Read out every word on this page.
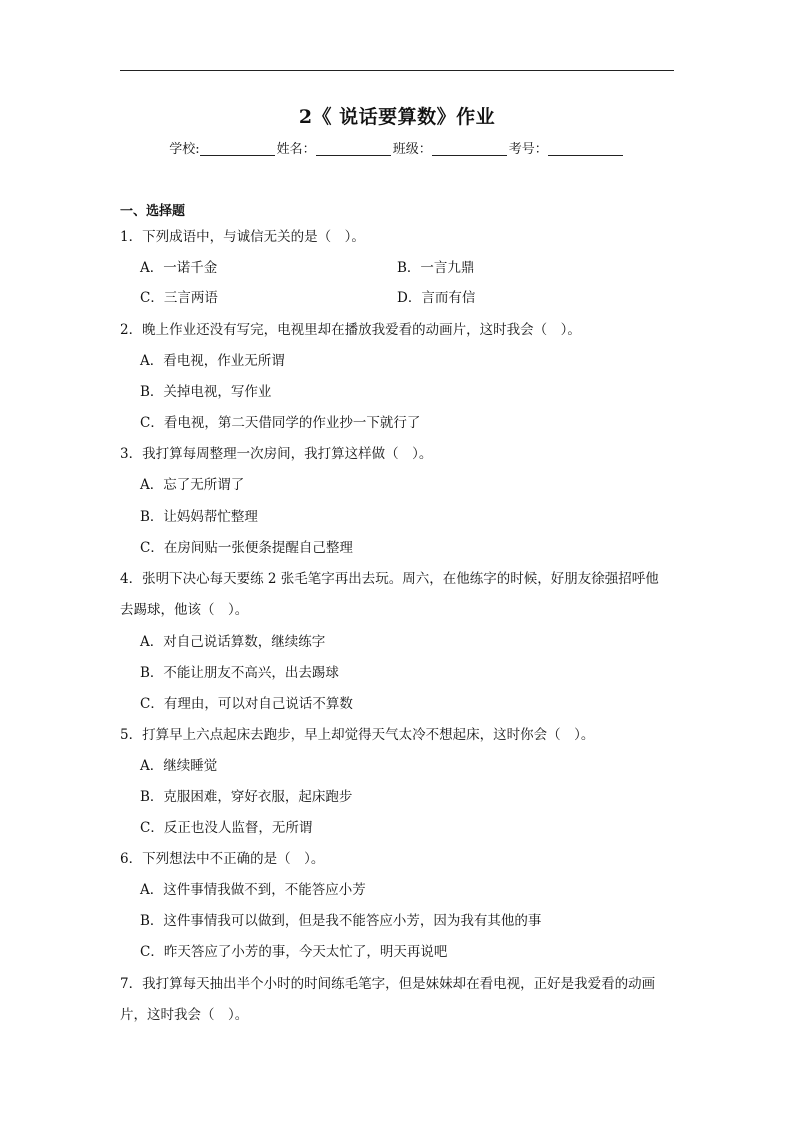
2《 说话要算数》作业
学校:	姓名：	班级：	考号：
一、选择题
1．下列成语中，与诚信无关的是（　）。
A．一诺千金	B．一言九鼎
C．三言两语	D．言而有信
2．晚上作业还没有写完，电视里却在播放我爱看的动画片，这时我会（　）。
A．看电视，作业无所谓
B．关掉电视，写作业
C．看电视，第二天借同学的作业抄一下就行了
3．我打算每周整理一次房间，我打算这样做（　）。
A．忘了无所谓了
B．让妈妈帮忙整理
C．在房间贴一张便条提醒自己整理
4．张明下决心每天要练 2 张毛笔字再出去玩。周六，在他练字的时候，好朋友徐强招呼他
去踢球，他该（　）。
A．对自己说话算数，继续练字
B．不能让朋友不高兴，出去踢球
C．有理由，可以对自己说话不算数
5．打算早上六点起床去跑步，早上却觉得天气太冷不想起床，这时你会（　）。
A．继续睡觉
B．克服困难，穿好衣服，起床跑步
C．反正也没人监督，无所谓
6．下列想法中不正确的是（　）。
A．这件事情我做不到，不能答应小芳
B．这件事情我可以做到，但是我不能答应小芳，因为我有其他的事
C．昨天答应了小芳的事，今天太忙了，明天再说吧
7．我打算每天抽出半个小时的时间练毛笔字，但是妹妹却在看电视，正好是我爱看的动画
片，这时我会（　）。
